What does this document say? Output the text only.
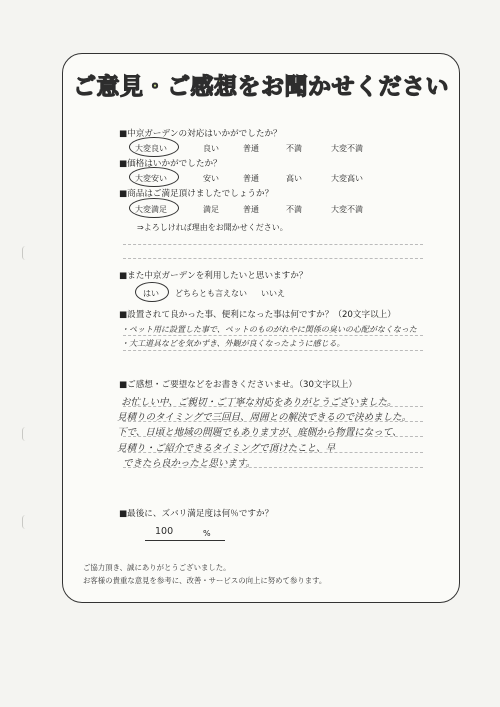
ご意見・ご感想をお聞かせください
■中京ガーデンの対応はいかがでしたか？
大変良い	良い	普通	不満	大変不満
■価格はいかがでしたか？
大変安い	安い	普通	高い	大変高い
■商品はご満足頂けましたでしょうか？
大変満足	満足	普通	不満	大変不満
⇒よろしければ理由をお聞かせください。
■また中京ガーデンを利用したいと思いますか？
はい どちらとも言えない いいえ
■設置されて良かった事、便利になった事は何ですか？（20文字以上）
・ペット用に設置した事で、ペットのものがれやに関係の臭いの心配がなくなった
・大工道具などを気かずき、外観が良くなったように感じる。
■ご感想・ご要望などをお書きくださいませ。（30文字以上）
お忙しい中、ご親切・ご丁寧な対応をありがとうございました。
見積りのタイミングで三回目、周囲との解決できるので決めました。
下で、日頃と地域の問題でもありますが、庭側から物置になって、
見積り・ご紹介できるタイミングで頂けたこと、早
できたら良かったと思います。
■最後に、ズバリ満足度は何％ですか？
100	%
ご協力頂き、誠にありがとうございました。
お客様の貴重な意見を参考に、改善・サービスの向上に努めて参ります。
